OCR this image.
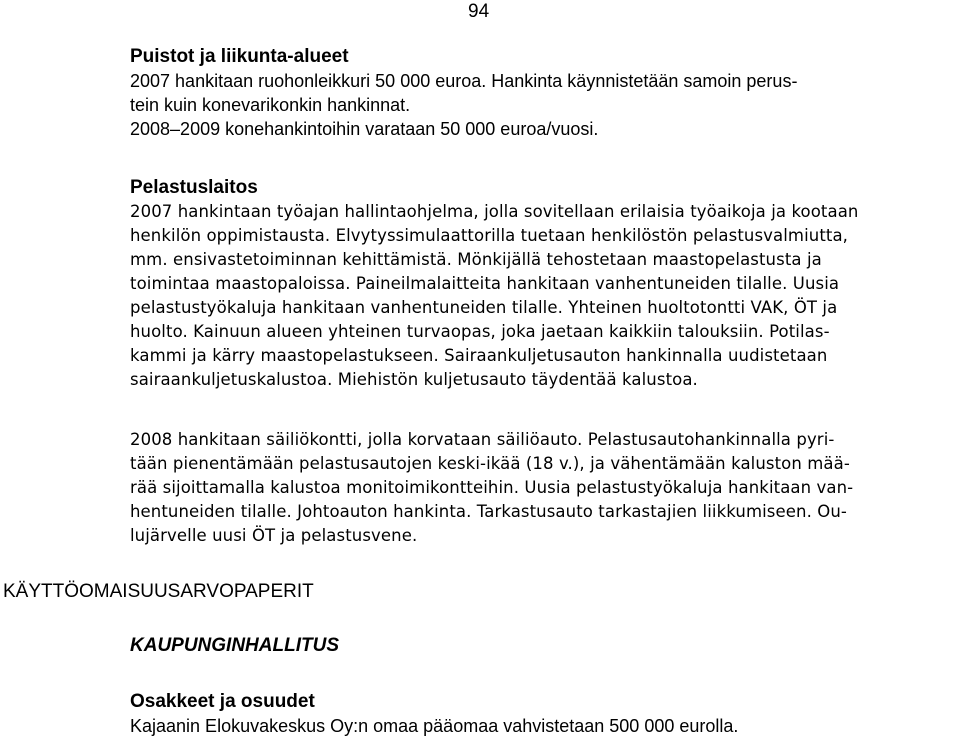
94

Puistot ja liikunta-alueet

2007 hankitaan ruohonleikkuri 50 000 euroa. Hankinta käynnistetään samoin perus-
tein kuin konevarikonkin hankinnat.
2008–2009 konehankintoihin varataan 50 000 euroa/vuosi.

Pelastuslaitos

2007 hankintaan työajan hallintaohjelma, jolla sovitellaan erilaisia työaikoja ja kootaan
henkilön oppimistausta. Elvytyssimulaattorilla tuetaan henkilöstön pelastusvalmiutta,
mm. ensivastetoiminnan kehittämistä. Mönkijällä tehostetaan maastopelastusta ja
toimintaa maastopaloissa. Paineilmalaitteita hankitaan vanhentuneiden tilalle. Uusia
pelastustyökaluja hankitaan vanhentuneiden tilalle. Yhteinen huoltotontti VAK, ÖT ja
huolto. Kainuun alueen yhteinen turvaopas, joka jaetaan kaikkiin talouksiin. Potilas-
kammi ja kärry maastopelastukseen. Sairaankuljetusauton hankinnalla uudistetaan
sairaankuljetuskalustoa. Miehistön kuljetusauto täydentää kalustoa.

2008 hankitaan säiliökontti, jolla korvataan säiliöauto. Pelastusautohankinnalla pyri-
tään pienentämään pelastusautojen keski-ikää (18 v.), ja vähentämään kaluston mää-
rää sijoittamalla kalustoa monitoimikontteihin. Uusia pelastustyökaluja hankitaan van-
hentuneiden tilalle. Johtoauton hankinta. Tarkastusauto tarkastajien liikkumiseen. Ou-
lujärvelle uusi ÖT ja pelastusvene.

KÄYTTÖOMAISUUSARVOPAPERIT
KAUPUNGINHALLITUS

Osakkeet ja osuudet

Kajaanin Elokuvakeskus Oy:n omaa pääomaa vahvistetaan 500 000 eurolla.
